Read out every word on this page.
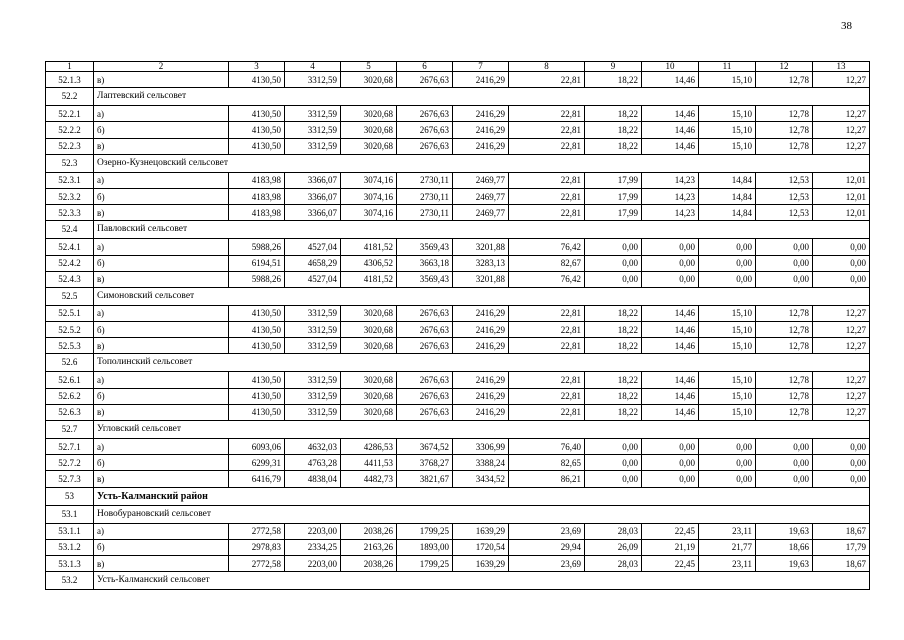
38
1	2	3	4	5	6	7	8	9	10	11	12	13
52.1.3	в)	4130,50	3312,59	3020,68	2676,63	2416,29	22,81	18,22	14,46	15,10	12,78	12,27
52.2	Лаптевский сельсовет											
52.2.1	а)	4130,50	3312,59	3020,68	2676,63	2416,29	22,81	18,22	14,46	15,10	12,78	12,27
52.2.2	б)	4130,50	3312,59	3020,68	2676,63	2416,29	22,81	18,22	14,46	15,10	12,78	12,27
52.2.3	в)	4130,50	3312,59	3020,68	2676,63	2416,29	22,81	18,22	14,46	15,10	12,78	12,27
52.3	Озерно-Кузнецовский сельсовет											
52.3.1	а)	4183,98	3366,07	3074,16	2730,11	2469,77	22,81	17,99	14,23	14,84	12,53	12,01
52.3.2	б)	4183,98	3366,07	3074,16	2730,11	2469,77	22,81	17,99	14,23	14,84	12,53	12,01
52.3.3	в)	4183,98	3366,07	3074,16	2730,11	2469,77	22,81	17,99	14,23	14,84	12,53	12,01
52.4	Павловский сельсовет											
52.4.1	а)	5988,26	4527,04	4181,52	3569,43	3201,88	76,42	0,00	0,00	0,00	0,00	0,00
52.4.2	б)	6194,51	4658,29	4306,52	3663,18	3283,13	82,67	0,00	0,00	0,00	0,00	0,00
52.4.3	в)	5988,26	4527,04	4181,52	3569,43	3201,88	76,42	0,00	0,00	0,00	0,00	0,00
52.5	Симоновский сельсовет											
52.5.1	а)	4130,50	3312,59	3020,68	2676,63	2416,29	22,81	18,22	14,46	15,10	12,78	12,27
52.5.2	б)	4130,50	3312,59	3020,68	2676,63	2416,29	22,81	18,22	14,46	15,10	12,78	12,27
52.5.3	в)	4130,50	3312,59	3020,68	2676,63	2416,29	22,81	18,22	14,46	15,10	12,78	12,27
52.6	Тополинский сельсовет											
52.6.1	а)	4130,50	3312,59	3020,68	2676,63	2416,29	22,81	18,22	14,46	15,10	12,78	12,27
52.6.2	б)	4130,50	3312,59	3020,68	2676,63	2416,29	22,81	18,22	14,46	15,10	12,78	12,27
52.6.3	в)	4130,50	3312,59	3020,68	2676,63	2416,29	22,81	18,22	14,46	15,10	12,78	12,27
52.7	Угловский сельсовет											
52.7.1	а)	6093,06	4632,03	4286,53	3674,52	3306,99	76,40	0,00	0,00	0,00	0,00	0,00
52.7.2	б)	6299,31	4763,28	4411,53	3768,27	3388,24	82,65	0,00	0,00	0,00	0,00	0,00
52.7.3	в)	6416,79	4838,04	4482,73	3821,67	3434,52	86,21	0,00	0,00	0,00	0,00	0,00
53	Усть-Калманский район											
53.1	Новобурановский сельсовет											
53.1.1	а)	2772,58	2203,00	2038,26	1799,25	1639,29	23,69	28,03	22,45	23,11	19,63	18,67
53.1.2	б)	2978,83	2334,25	2163,26	1893,00	1720,54	29,94	26,09	21,19	21,77	18,66	17,79
53.1.3	в)	2772,58	2203,00	2038,26	1799,25	1639,29	23,69	28,03	22,45	23,11	19,63	18,67
53.2	Усть-Калманский сельсовет											
